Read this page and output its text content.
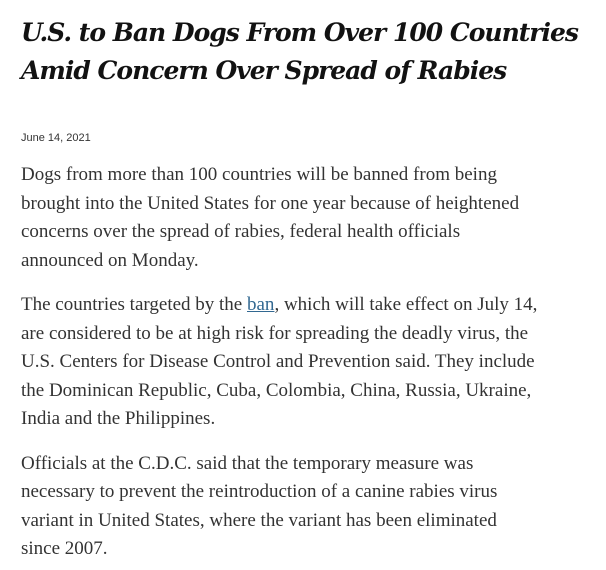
U.S. to Ban Dogs From Over 100 Countries
Amid Concern Over Spread of Rabies
June 14, 2021

Dogs from more than 100 countries will be banned from being
brought into the United States for one year because of heightened
concerns over the spread of rabies, federal health officials
announced on Monday.

The countries targeted by the ban, which will take effect on July 14,
are considered to be at high risk for spreading the deadly virus, the
U.S. Centers for Disease Control and Prevention said. They include
the Dominican Republic, Cuba, Colombia, China, Russia, Ukraine,
India and the Philippines.

Officials at the C.D.C. said that the temporary measure was
necessary to prevent the reintroduction of a canine rabies virus
variant in United States, where the variant has been eliminated
since 2007.
